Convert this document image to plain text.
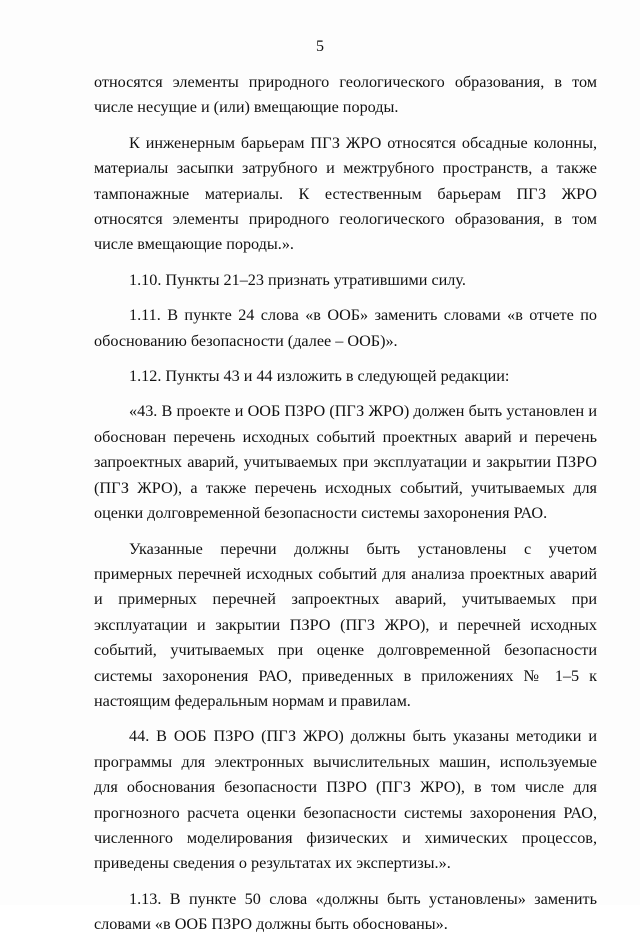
5

относятся элементы природного геологического образования, в том числе несущие и (или) вмещающие породы.

К инженерным барьерам ПГЗ ЖРО относятся обсадные колонны, материалы засыпки затрубного и межтрубного пространств, а также тампонажные материалы. К естественным барьерам ПГЗ ЖРО относятся элементы природного геологического образования, в том числе вмещающие породы.».

1.10. Пункты 21–23 признать утратившими силу.

1.11. В пункте 24 слова «в ООБ» заменить словами «в отчете по обоснованию безопасности (далее – ООБ)».

1.12. Пункты 43 и 44 изложить в следующей редакции:

«43. В проекте и ООБ ПЗРО (ПГЗ ЖРО) должен быть установлен и обоснован перечень исходных событий проектных аварий и перечень запроектных аварий, учитываемых при эксплуатации и закрытии ПЗРО (ПГЗ ЖРО), а также перечень исходных событий, учитываемых для оценки долговременной безопасности системы захоронения РАО.

Указанные перечни должны быть установлены с учетом примерных перечней исходных событий для анализа проектных аварий и примерных перечней запроектных аварий, учитываемых при эксплуатации и закрытии ПЗРО (ПГЗ ЖРО), и перечней исходных событий, учитываемых при оценке долговременной безопасности системы захоронения РАО, приведенных в приложениях № 1–5 к настоящим федеральным нормам и правилам.

44. В ООБ ПЗРО (ПГЗ ЖРО) должны быть указаны методики и программы для электронных вычислительных машин, используемые для обоснования безопасности ПЗРО (ПГЗ ЖРО), в том числе для прогнозного расчета оценки безопасности системы захоронения РАО, численного моделирования физических и химических процессов, приведены сведения о результатах их экспертизы.».

1.13. В пункте 50 слова «должны быть установлены» заменить словами «в ООБ ПЗРО должны быть обоснованы».
